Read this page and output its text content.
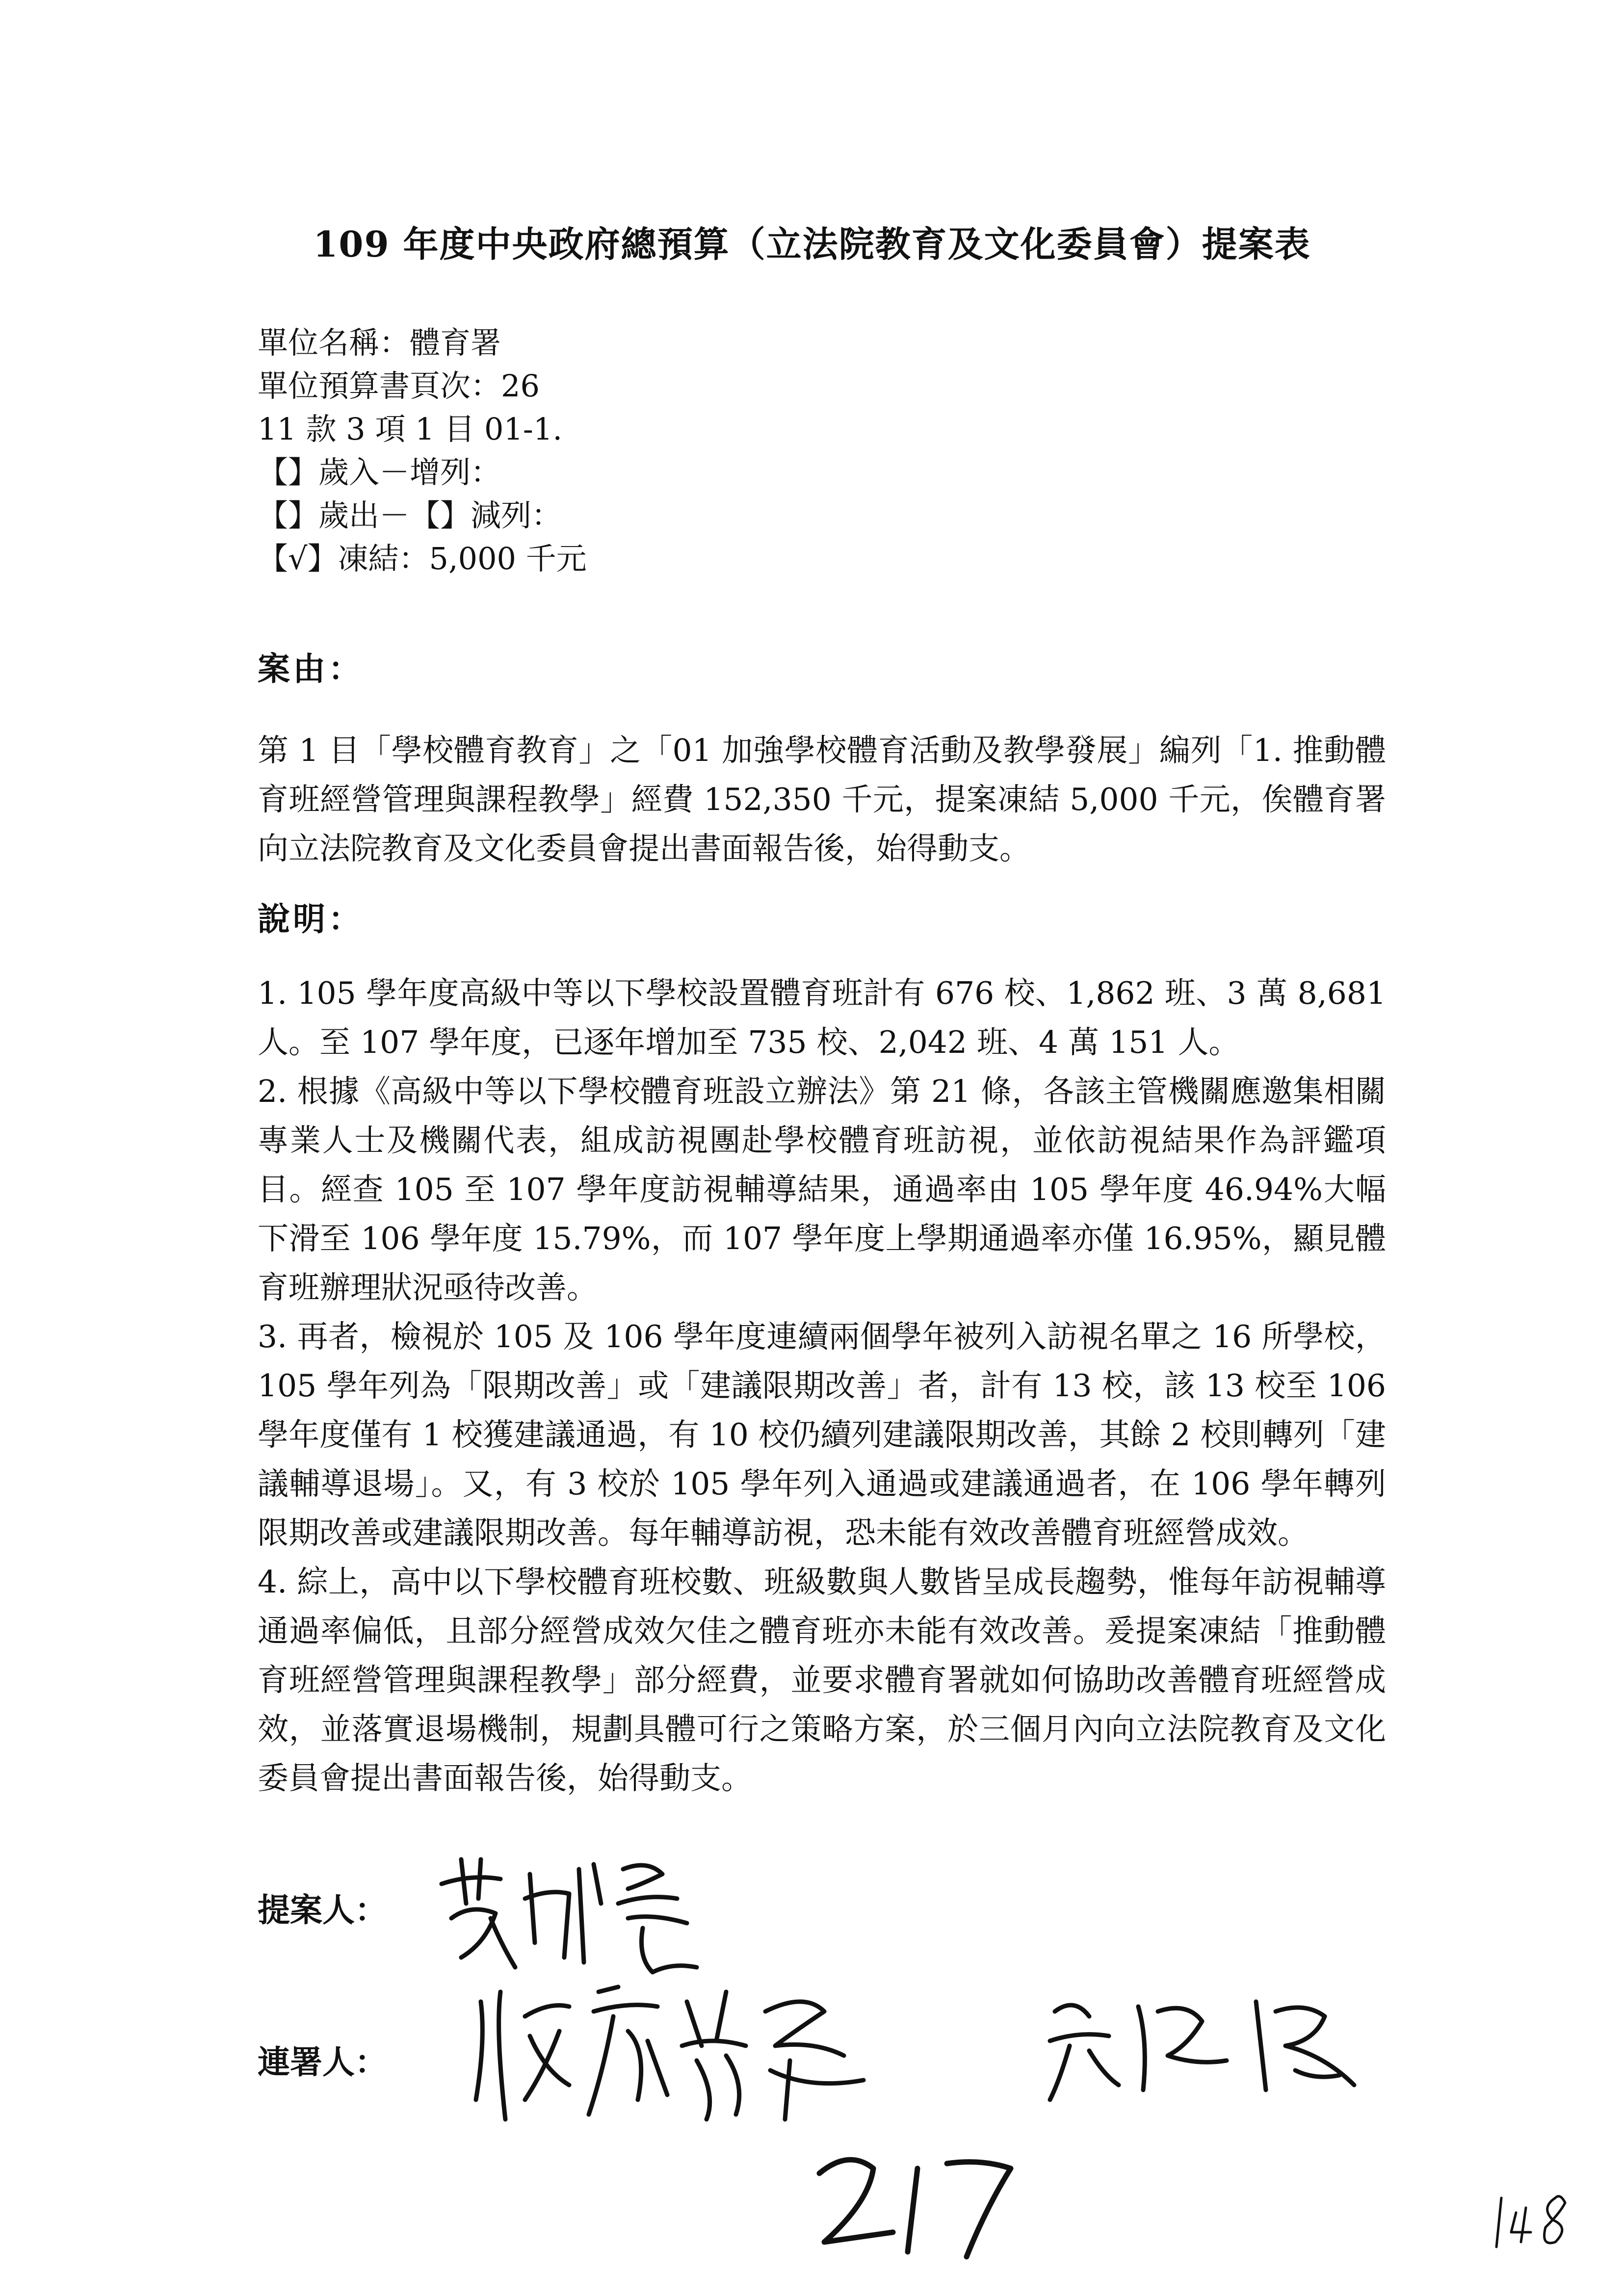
109 年度中央政府總預算（立法院教育及文化委員會）提案表
單位名稱：體育署
單位預算書頁次：26
11 款 3 項 1 目 01-1.
【】歲入－增列：
【】歲出－【】減列：
【√】凍結：5,000 千元
案由：

第 1 目「學校體育教育」之「01 加強學校體育活動及教學發展」編列「1. 推動體育班經營管理與課程教學」經費 152,350 千元，提案凍結 5,000 千元，俟體育署向立法院教育及文化委員會提出書面報告後，始得動支。

說明：

1. 105 學年度高級中等以下學校設置體育班計有 676 校、1,862 班、3 萬 8,681 人。至 107 學年度，已逐年增加至 735 校、2,042 班、4 萬 151 人。

2. 根據《高級中等以下學校體育班設立辦法》第 21 條，各該主管機關應邀集相關專業人士及機關代表，組成訪視團赴學校體育班訪視，並依訪視結果作為評鑑項目。經查 105 至 107 學年度訪視輔導結果，通過率由 105 學年度 46.94%大幅下滑至 106 學年度 15.79%，而 107 學年度上學期通過率亦僅 16.95%，顯見體育班辦理狀況亟待改善。

3. 再者，檢視於 105 及 106 學年度連續兩個學年被列入訪視名單之 16 所學校，105 學年列為「限期改善」或「建議限期改善」者，計有 13 校，該 13 校至 106 學年度僅有 1 校獲建議通過，有 10 校仍續列建議限期改善，其餘 2 校則轉列「建議輔導退場」。又，有 3 校於 105 學年列入通過或建議通過者，在 106 學年轉列限期改善或建議限期改善。每年輔導訪視，恐未能有效改善體育班經營成效。

4. 綜上，高中以下學校體育班校數、班級數與人數皆呈成長趨勢，惟每年訪視輔導通過率偏低，且部分經營成效欠佳之體育班亦未能有效改善。爰提案凍結「推動體育班經營管理與課程教學」部分經費，並要求體育署就如何協助改善體育班經營成效，並落實退場機制，規劃具體可行之策略方案，於三個月內向立法院教育及文化委員會提出書面報告後，始得動支。

提案人：
連署人：
